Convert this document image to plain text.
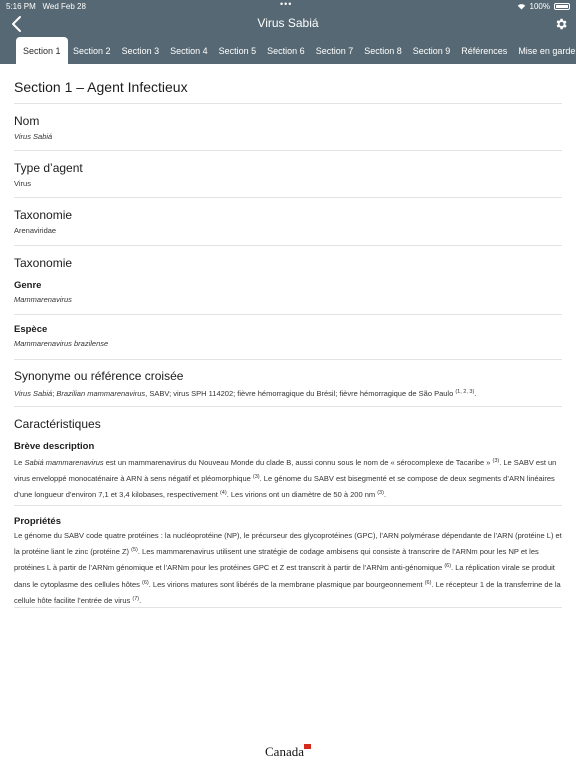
5:16 PM Wed Feb 28	•••	100%
Virus Sabiá
Section 1	Section 2	Section 3	Section 4	Section 5	Section 6	Section 7	Section 8	Section 9	Références	Mise en garde
Section 1 – Agent Infectieux
Nom
Virus Sabiá
Type d’agent
Virus
Taxonomie
Arenaviridae
Taxonomie
Genre
Mammarenavirus
Espèce
Mammarenavirus brazilense
Synonyme ou référence croisée
Virus Sabiá; Brazilian mammarenavirus, SABV; virus SPH 114202; fièvre hémorragique du Brésil; fièvre hémorragique de São Paulo $^{(1, 2, 3)}$.
Caractéristiques
Brève description
Le Sabiá mammarenavirus est un mammarenavirus du Nouveau Monde du clade B, aussi connu sous le nom de « sérocomplexe de Tacaribe » $^{(3)}$. Le SABV est un virus enveloppé monocaténaire à ARN à sens négatif et pléomorphique $^{(3)}$. Le génome du SABV est bisegmenté et se compose de deux segments d’ARN linéaires d’une longueur d’environ 7,1 et 3,4 kilobases, respectivement $^{(4)}$. Les virions ont un diamètre de 50 à 200 nm $^{(3)}$.
Propriétés
Le génome du SABV code quatre protéines : la nucléoprotéine (NP), le précurseur des glycoprotéines (GPC), l’ARN polymérase dépendante de l’ARN (protéine L) et la protéine liant le zinc (protéine Z) $^{(5)}$. Les mammarenavirus utilisent une stratégie de codage ambisens qui consiste à transcrire de l’ARNm pour les NP et les protéines L à partir de l’ARNm génomique et l’ARNm pour les protéines GPC et Z est transcrit à partir de l’ARNm anti-génomique $^{(6)}$. La réplication virale se produit dans le cytoplasme des cellules hôtes $^{(6)}$. Les virions matures sont libérés de la membrane plasmique par bourgeonnement $^{(6)}$. Le récepteur 1 de la transferrine de la cellule hôte facilite l’entrée de virus $^{(7)}$.
Canada
